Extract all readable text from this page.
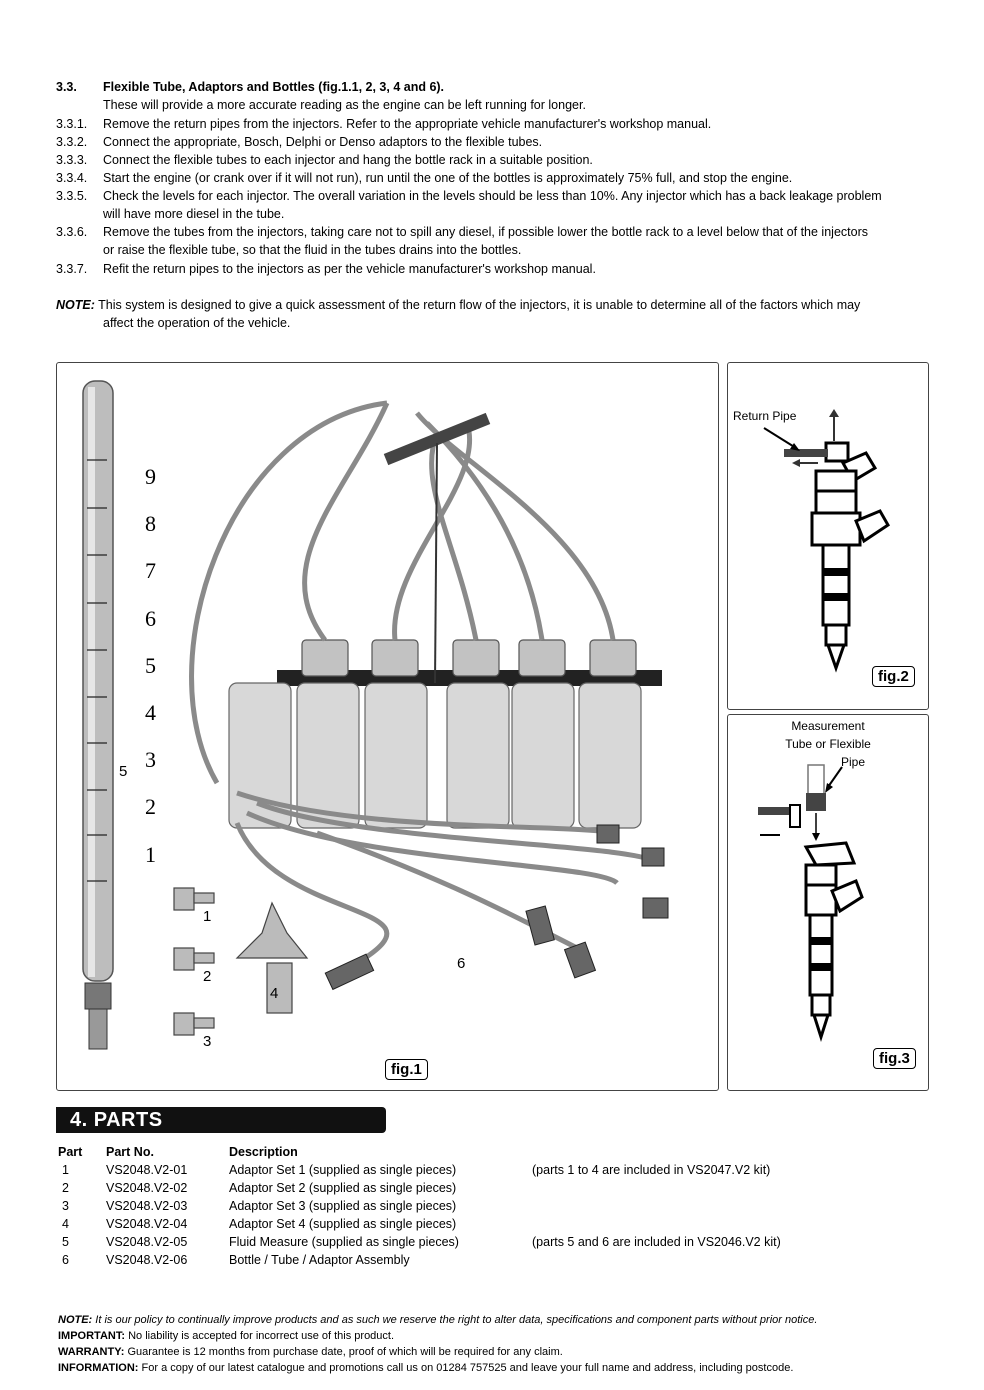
3.3.	Flexible Tube, Adaptors and Bottles (fig.1.1, 2, 3, 4 and 6).
These will provide a more accurate reading as the engine can be left running for longer.
3.3.1.	Remove the return pipes from the injectors. Refer to the appropriate vehicle manufacturer's workshop manual.
3.3.2.	Connect the appropriate, Bosch, Delphi or Denso adaptors to the flexible tubes.
3.3.3.	Connect the flexible tubes to each injector and hang the bottle rack in a suitable position.
3.3.4.	Start the engine (or crank over if it will not run), run until the one of the bottles is approximately 75% full, and stop the engine.
3.3.5.	Check the levels for each injector. The overall variation in the levels should be less than 10%. Any injector which has a back leakage problem
will have more diesel in the tube.
3.3.6.	Remove the tubes from the injectors, taking care not to spill any diesel, if possible lower the bottle rack to a level below that of the injectors
or raise the flexible tube, so that the fluid in the tubes drains into the bottles.
3.3.7.	Refit the return pipes to the injectors as per the vehicle manufacturer's workshop manual.
NOTE: This system is designed to give a quick assessment of the return flow of the injectors, it is unable to determine all of the factors which may
affect the operation of the vehicle.
9
8
7
6
5
4
3
2
1
1
2
3
4
5
6
fig.1
Return Pipe
fig.2
Measurement
Tube or Flexible
Pipe
fig.3
4. PARTS
Part	Part No.	Description	
1	VS2048.V2-01	Adaptor Set 1 (supplied as single pieces)	(parts 1 to 4 are included in VS2047.V2 kit)
2	VS2048.V2-02	Adaptor Set 2 (supplied as single pieces)	
3	VS2048.V2-03	Adaptor Set 3 (supplied as single pieces)	
4	VS2048.V2-04	Adaptor Set 4 (supplied as single pieces)	
5	VS2048.V2-05	Fluid Measure (supplied as single pieces)	(parts 5 and 6 are included in VS2046.V2 kit)
6	VS2048.V2-06	Bottle / Tube / Adaptor Assembly	
NOTE: It is our policy to continually improve products and as such we reserve the right to alter data, specifications and component parts without prior notice.
IMPORTANT: No liability is accepted for incorrect use of this product.
WARRANTY: Guarantee is 12 months from purchase date, proof of which will be required for any claim.
INFORMATION: For a copy of our latest catalogue and promotions call us on 01284 757525 and leave your full name and address, including postcode.
